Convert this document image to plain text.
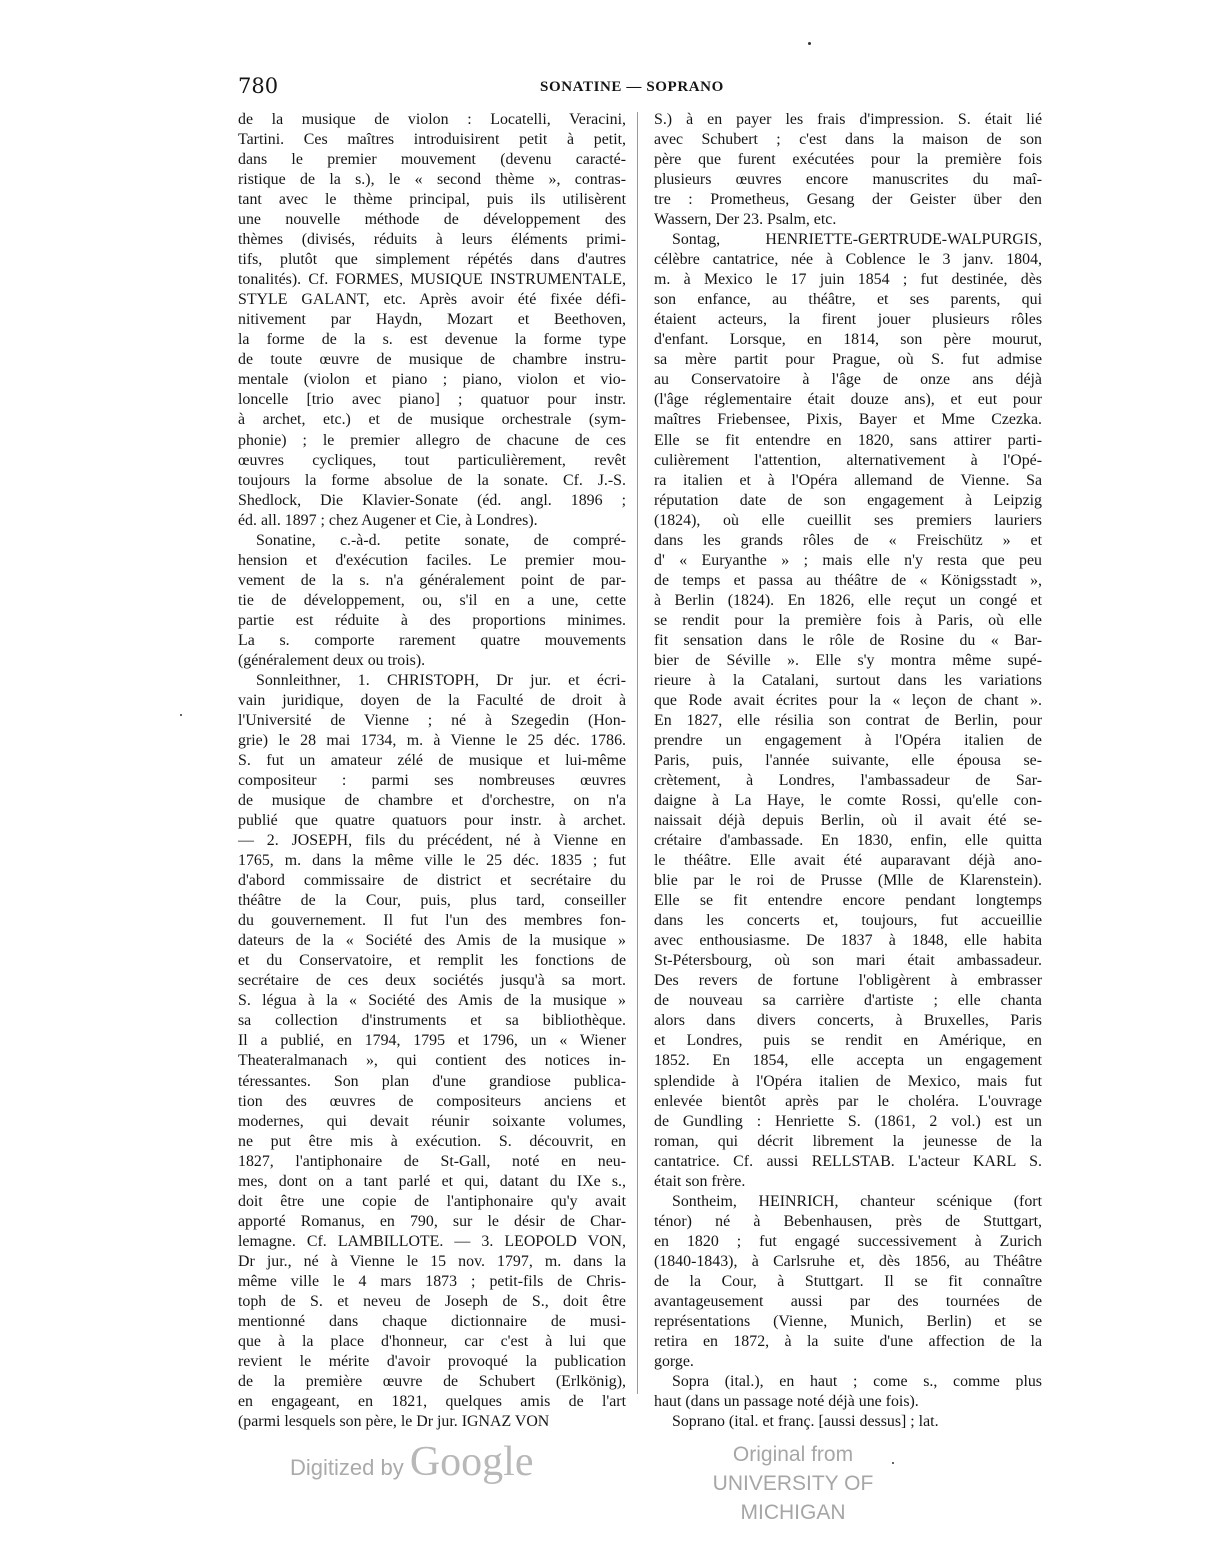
780	SONATINE — SOPRANO
de la musique de violon : Locatelli, Veracini,
Tartini. Ces maîtres introduisirent petit à petit,
dans le premier mouvement (devenu caracté-
ristique de la s.), le « second thème », contras-
tant avec le thème principal, puis ils utilisèrent
une nouvelle méthode de développement des
thèmes (divisés, réduits à leurs éléments primi-
tifs, plutôt que simplement répétés dans d'autres
tonalités). Cf. FORMES, MUSIQUE INSTRUMENTALE,
STYLE GALANT, etc. Après avoir été fixée défi-
nitivement par Haydn, Mozart et Beethoven,
la forme de la s. est devenue la forme type
de toute œuvre de musique de chambre instru-
mentale (violon et piano ; piano, violon et vio-
loncelle [trio avec piano] ; quatuor pour instr.
à archet, etc.) et de musique orchestrale (sym-
phonie) ; le premier allegro de chacune de ces
œuvres cycliques, tout particulièrement, revêt
toujours la forme absolue de la sonate. Cf. J.-S.
Shedlock, Die Klavier-Sonate (éd. angl. 1896 ;
éd. all. 1897 ; chez Augener et Cie, à Londres).
Sonatine, c.-à-d. petite sonate, de compré-
hension et d'exécution faciles. Le premier mou-
vement de la s. n'a généralement point de par-
tie de développement, ou, s'il en a une, cette
partie est réduite à des proportions minimes.
La s. comporte rarement quatre mouvements
(généralement deux ou trois).
Sonnleithner, 1. CHRISTOPH, Dr jur. et écri-
vain juridique, doyen de la Faculté de droit à
l'Université de Vienne ; né à Szegedin (Hon-
grie) le 28 mai 1734, m. à Vienne le 25 déc. 1786.
S. fut un amateur zélé de musique et lui-même
compositeur : parmi ses nombreuses œuvres
de musique de chambre et d'orchestre, on n'a
publié que quatre quatuors pour instr. à archet.
— 2. JOSEPH, fils du précédent, né à Vienne en
1765, m. dans la même ville le 25 déc. 1835 ; fut
d'abord commissaire de district et secrétaire du
théâtre de la Cour, puis, plus tard, conseiller
du gouvernement. Il fut l'un des membres fon-
dateurs de la « Société des Amis de la musique »
et du Conservatoire, et remplit les fonctions de
secrétaire de ces deux sociétés jusqu'à sa mort.
S. légua à la « Société des Amis de la musique »
sa collection d'instruments et sa bibliothèque.
Il a publié, en 1794, 1795 et 1796, un « Wiener
Theateralmanach », qui contient des notices in-
téressantes. Son plan d'une grandiose publica-
tion des œuvres de compositeurs anciens et
modernes, qui devait réunir soixante volumes,
ne put être mis à exécution. S. découvrit, en
1827, l'antiphonaire de St-Gall, noté en neu-
mes, dont on a tant parlé et qui, datant du IXe s.,
doit être une copie de l'antiphonaire qu'y avait
apporté Romanus, en 790, sur le désir de Char-
lemagne. Cf. LAMBILLOTE. — 3. LEOPOLD VON,
Dr jur., né à Vienne le 15 nov. 1797, m. dans la
même ville le 4 mars 1873 ; petit-fils de Chris-
toph de S. et neveu de Joseph de S., doit être
mentionné dans chaque dictionnaire de musi-
que à la place d'honneur, car c'est à lui que
revient le mérite d'avoir provoqué la publication
de la première œuvre de Schubert (Erlkönig),
en engageant, en 1821, quelques amis de l'art
(parmi lesquels son père, le Dr jur. IGNAZ VON
S.) à en payer les frais d'impression. S. était lié
avec Schubert ; c'est dans la maison de son
père que furent exécutées pour la première fois
plusieurs œuvres encore manuscrites du maî-
tre : Prometheus, Gesang der Geister über den
Wassern, Der 23. Psalm, etc.
Sontag, HENRIETTE-GERTRUDE-WALPURGIS,
célèbre cantatrice, née à Coblence le 3 janv. 1804,
m. à Mexico le 17 juin 1854 ; fut destinée, dès
son enfance, au théâtre, et ses parents, qui
étaient acteurs, la firent jouer plusieurs rôles
d'enfant. Lorsque, en 1814, son père mourut,
sa mère partit pour Prague, où S. fut admise
au Conservatoire à l'âge de onze ans déjà
(l'âge réglementaire était douze ans), et eut pour
maîtres Friebensee, Pixis, Bayer et Mme Czezka.
Elle se fit entendre en 1820, sans attirer parti-
culièrement l'attention, alternativement à l'Opé-
ra italien et à l'Opéra allemand de Vienne. Sa
réputation date de son engagement à Leipzig
(1824), où elle cueillit ses premiers lauriers
dans les grands rôles de « Freischütz » et
d' « Euryanthe » ; mais elle n'y resta que peu
de temps et passa au théâtre de « Königsstadt »,
à Berlin (1824). En 1826, elle reçut un congé et
se rendit pour la première fois à Paris, où elle
fit sensation dans le rôle de Rosine du « Bar-
bier de Séville ». Elle s'y montra même supé-
rieure à la Catalani, surtout dans les variations
que Rode avait écrites pour la « leçon de chant ».
En 1827, elle résilia son contrat de Berlin, pour
prendre un engagement à l'Opéra italien de
Paris, puis, l'année suivante, elle épousa se-
crètement, à Londres, l'ambassadeur de Sar-
daigne à La Haye, le comte Rossi, qu'elle con-
naissait déjà depuis Berlin, où il avait été se-
crétaire d'ambassade. En 1830, enfin, elle quitta
le théâtre. Elle avait été auparavant déjà ano-
blie par le roi de Prusse (Mlle de Klarenstein).
Elle se fit entendre encore pendant longtemps
dans les concerts et, toujours, fut accueillie
avec enthousiasme. De 1837 à 1848, elle habita
St-Pétersbourg, où son mari était ambassadeur.
Des revers de fortune l'obligèrent à embrasser
de nouveau sa carrière d'artiste ; elle chanta
alors dans divers concerts, à Bruxelles, Paris
et Londres, puis se rendit en Amérique, en
1852. En 1854, elle accepta un engagement
splendide à l'Opéra italien de Mexico, mais fut
enlevée bientôt après par le choléra. L'ouvrage
de Gundling : Henriette S. (1861, 2 vol.) est un
roman, qui décrit librement la jeunesse de la
cantatrice. Cf. aussi RELLSTAB. L'acteur KARL S.
était son frère.
Sontheim, HEINRICH, chanteur scénique (fort
ténor) né à Bebenhausen, près de Stuttgart,
en 1820 ; fut engagé successivement à Zurich
(1840-1843), à Carlsruhe et, dès 1856, au Théâtre
de la Cour, à Stuttgart. Il se fit connaître
avantageusement aussi par des tournées de
représentations (Vienne, Munich, Berlin) et se
retira en 1872, à la suite d'une affection de la
gorge.
Sopra (ital.), en haut ; come s., comme plus
haut (dans un passage noté déjà une fois).
Soprano (ital. et franç. [aussi dessus] ; lat.
Digitized by Google	Original from
UNIVERSITY OF MICHIGAN
